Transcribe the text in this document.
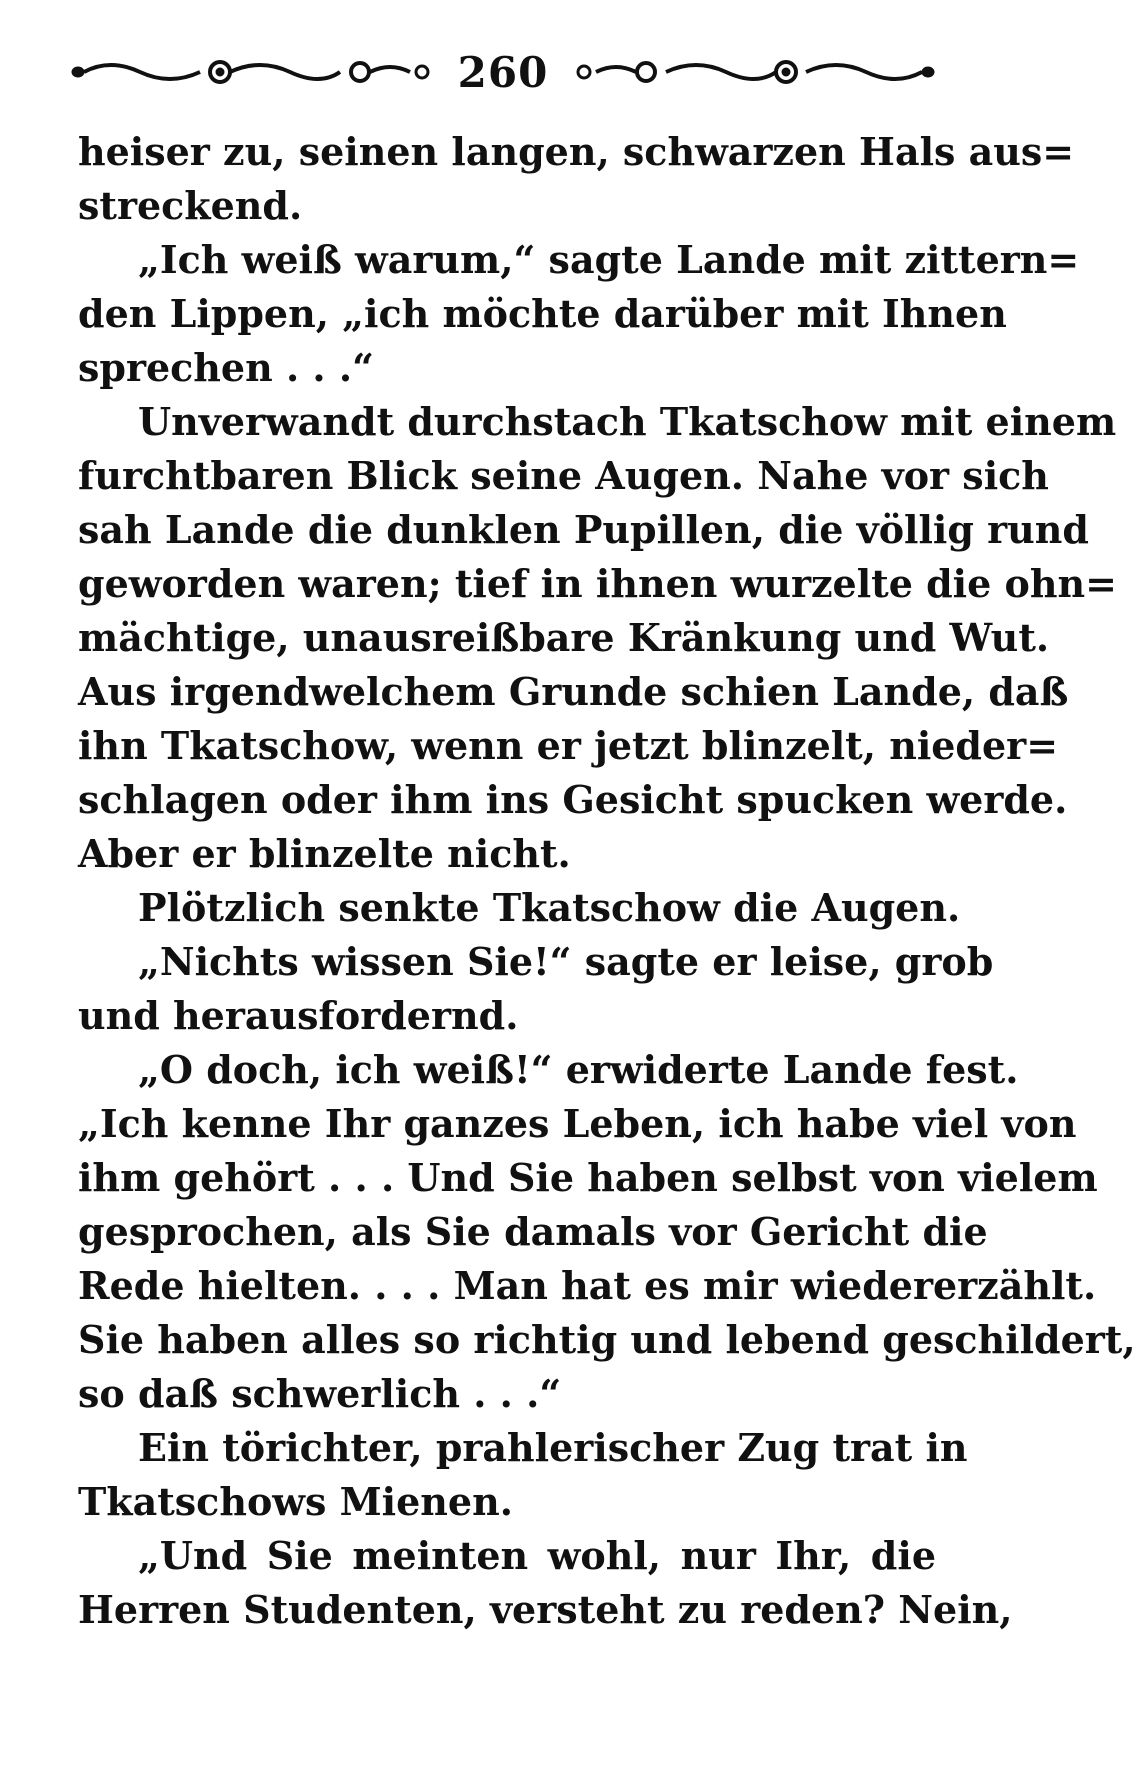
260
heiser zu, seinen langen, schwarzen Hals aus=
streckend.
„Ich weiß warum,“ sagte Lande mit zittern=
den Lippen, „ich möchte darüber mit Ihnen
sprechen . . .“
Unverwandt durchstach Tkatschow mit einem
furchtbaren Blick seine Augen. Nahe vor sich
sah Lande die dunklen Pupillen, die völlig rund
geworden waren; tief in ihnen wurzelte die ohn=
mächtige, unausreißbare Kränkung und Wut.
Aus irgendwelchem Grunde schien Lande, daß
ihn Tkatschow, wenn er jetzt blinzelt, nieder=
schlagen oder ihm ins Gesicht spucken werde.
Aber er blinzelte nicht.
Plötzlich senkte Tkatschow die Augen.
„Nichts wissen Sie!“ sagte er leise, grob
und herausfordernd.
„O doch, ich weiß!“ erwiderte Lande fest.
„Ich kenne Ihr ganzes Leben, ich habe viel von
ihm gehört . . . Und Sie haben selbst von vielem
gesprochen, als Sie damals vor Gericht die
Rede hielten. . . . Man hat es mir wiedererzählt.
Sie haben alles so richtig und lebend geschildert,
so daß schwerlich . . .“
Ein törichter, prahlerischer Zug trat in
Tkatschows Mienen.
„Und Sie meinten wohl, nur Ihr, die
Herren Studenten, versteht zu reden? Nein,
